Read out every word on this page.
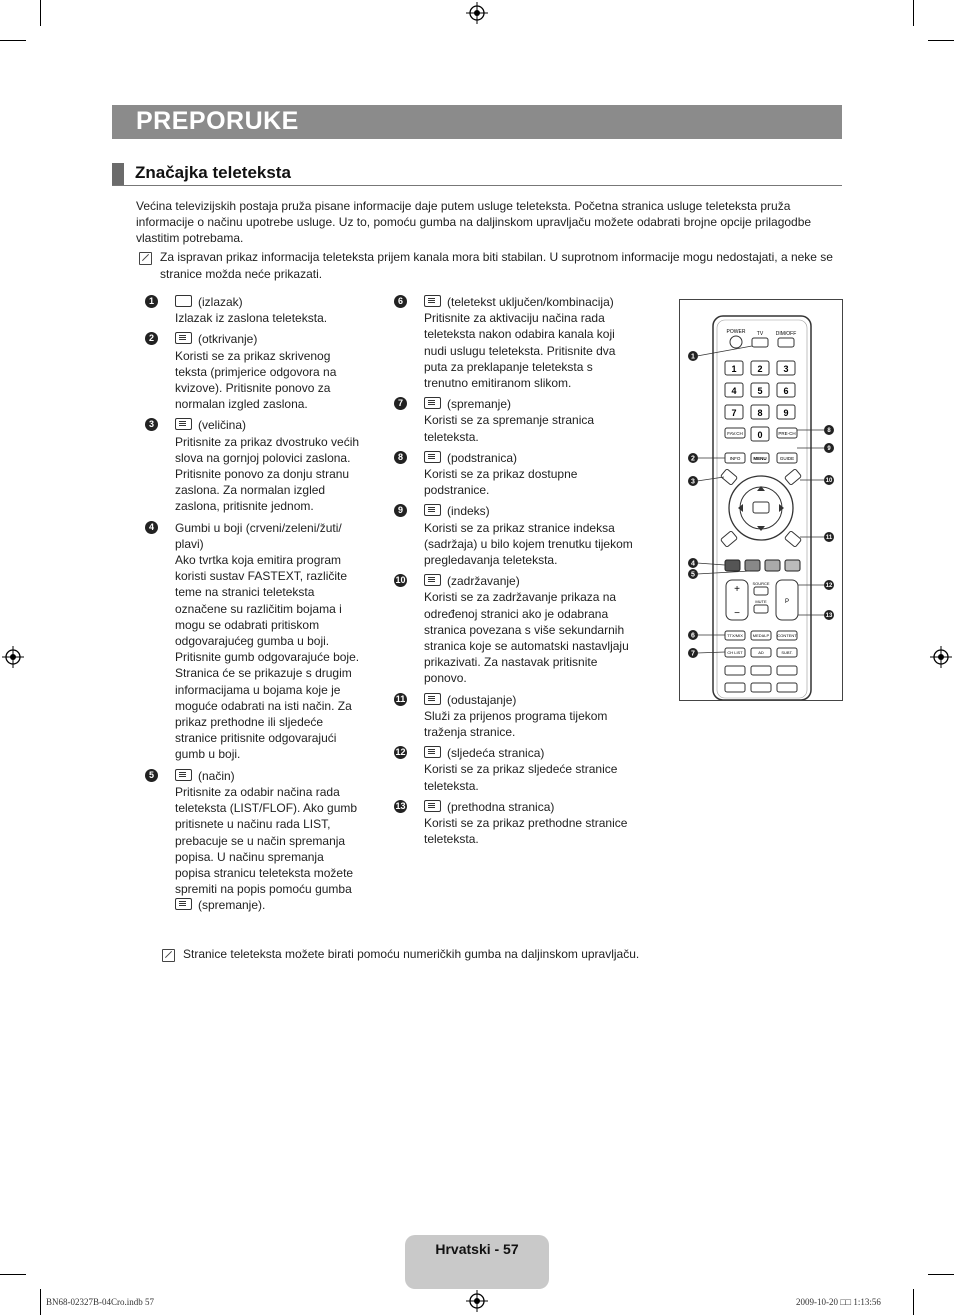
PREPORUKE
Značajka teleteksta
Većina televizijskih postaja pruža pisane informacije daje putem usluge teleteksta. Početna stranica usluge teleteksta pruža informacije o načinu upotrebe usluge. Uz to, pomoću gumba na daljinskom upravljaču možete odabrati brojne opcije prilagodbe vlastitim potrebama.
Za ispravan prikaz informacija teleteksta prijem kanala mora biti stabilan. U suprotnom informacije mogu nedostajati, a neke se stranice možda neće prikazati.
1	(izlazak)
Izlazak iz zaslona teleteksta.
2	(otkrivanje)
Koristi se za prikaz skrivenog teksta (primjerice odgovora na kvizove). Pritisnite ponovo za normalan izgled zaslona.
3	(veličina)
Pritisnite za prikaz dvostruko većih slova na gornjoj polovici zaslona. Pritisnite ponovo za donju stranu zaslona. Za normalan izgled zaslona, pritisnite jednom.
4	Gumbi u boji (crveni/zeleni/žuti/ plavi)
Ako tvrtka koja emitira program koristi sustav FASTEXT, različite teme na stranici teleteksta označene su različitim bojama i mogu se odabrati pritiskom odgovarajućeg gumba u boji. Pritisnite gumb odgovarajuće boje. Stranica će se prikazuje s drugim informacijama u bojama koje je moguće odabrati na isti način. Za prikaz prethodne ili sljedeće stranice pritisnite odgovarajući gumb u boji.
5	(način)
Pritisnite za odabir načina rada teleteksta (LIST/FLOF). Ako gumb pritisnete u načinu rada LIST, prebacuje se u način spremanja popisa. U načinu spremanja popisa stranicu teleteksta možete spremiti na popis pomoću gumba (spremanje).
6	(teletekst uključen/kombinacija)
Pritisnite za aktivaciju načina rada teleteksta nakon odabira kanala koji nudi uslugu teleteksta. Pritisnite dva puta za preklapanje teleteksta s trenutno emitiranom slikom.
7	(spremanje)
Koristi se za spremanje stranica teleteksta.
8	(podstranica)
Koristi se za prikaz dostupne podstranice.
9	(indeks)
Koristi se za prikaz stranice indeksa (sadržaja) u bilo kojem trenutku tijekom pregledavanja teleteksta.
10	(zadržavanje)
Koristi se za zadržavanje prikaza na određenoj stranici ako je odabrana stranica povezana s više sekundarnih stranica koje se automatski nastavljaju prikazivati. Za nastavak pritisnite ponovo.
11	(odustajanje)
Služi za prijenos programa tijekom traženja stranice.
12	(sljedeća stranica)
Koristi se za prikaz sljedeće stranice teleteksta.
13	(prethodna stranica)
Koristi se za prikaz prethodne stranice teleteksta.
POWER TV	DIM/OFF
1 2 3
4 5 6
7 8 9
0
FAV.CH	PRE-CH
INFO	MENU	GUIDE
+
−
SOURCE
MUTE	P
TTX/MIX MEDIA.P CONTENT
CH LIST	AD	SUBT.
1
2
3
4
5
6
7
8
9
10
11
12
13
Stranice teleteksta možete birati pomoću numeričkih gumba na daljinskom upravljaču.
Hrvatski - 57
BN68-02327B-04Cro.indb 57	2009-10-20 □□ 1:13:56
